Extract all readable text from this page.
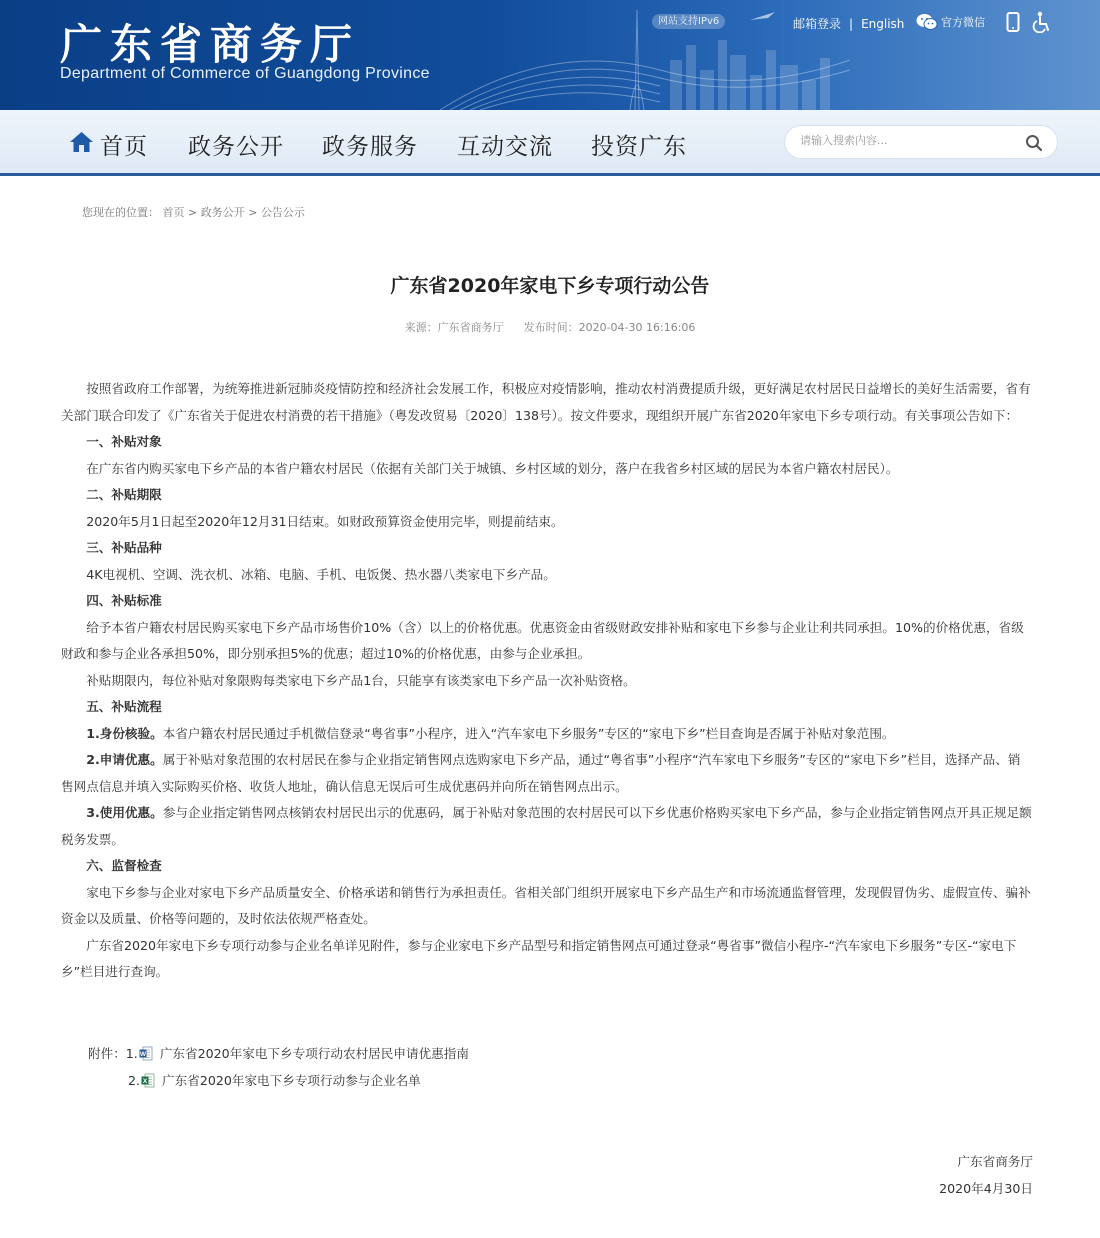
广东省商务厅
Department of Commerce of Guangdong Province
网站支持IPv6	邮箱登录 | English	官方微信
首页 政务公开 政务服务 互动交流 投资广东
请输入搜索内容...
您现在的位置： 首页 > 政务公开 > 公告公示
广东省2020年家电下乡专项行动公告
来源：广东省商务厅 发布时间：2020-04-30 16:16:06

按照省政府工作部署，为统筹推进新冠肺炎疫情防控和经济社会发展工作，积极应对疫情影响，推动农村消费提质升级，更好满足农村居民日益增长的美好生活需要，省有关部门联合印发了《广东省关于促进农村消费的若干措施》（粤发改贸易〔2020〕138号）。按文件要求，现组织开展广东省2020年家电下乡专项行动。有关事项公告如下：

一、补贴对象

在广东省内购买家电下乡产品的本省户籍农村居民（依据有关部门关于城镇、乡村区域的划分，落户在我省乡村区域的居民为本省户籍农村居民）。

二、补贴期限

2020年5月1日起至2020年12月31日结束。如财政预算资金使用完毕，则提前结束。

三、补贴品种

4K电视机、空调、洗衣机、冰箱、电脑、手机、电饭煲、热水器八类家电下乡产品。

四、补贴标准

给予本省户籍农村居民购买家电下乡产品市场售价10%（含）以上的价格优惠。优惠资金由省级财政安排补贴和家电下乡参与企业让利共同承担。10%的价格优惠，省级财政和参与企业各承担50%，即分别承担5%的优惠；超过10%的价格优惠，由参与企业承担。

补贴期限内，每位补贴对象限购每类家电下乡产品1台，只能享有该类家电下乡产品一次补贴资格。

五、补贴流程

1.身份核验。本省户籍农村居民通过手机微信登录“粤省事”小程序，进入“汽车家电下乡服务”专区的“家电下乡”栏目查询是否属于补贴对象范围。

2.申请优惠。属于补贴对象范围的农村居民在参与企业指定销售网点选购家电下乡产品，通过“粤省事”小程序“汽车家电下乡服务”专区的“家电下乡”栏目，选择产品、销售网点信息并填入实际购买价格、收货人地址，确认信息无误后可生成优惠码并向所在销售网点出示。

3.使用优惠。参与企业指定销售网点核销农村居民出示的优惠码，属于补贴对象范围的农村居民可以下乡优惠价格购买家电下乡产品，参与企业指定销售网点开具正规足额税务发票。

六、监督检查

家电下乡参与企业对家电下乡产品质量安全、价格承诺和销售行为承担责任。省相关部门组织开展家电下乡产品生产和市场流通监督管理，发现假冒伪劣、虚假宣传、骗补资金以及质量、价格等问题的，及时依法依规严格查处。

广东省2020年家电下乡专项行动参与企业名单详见附件，参与企业家电下乡产品型号和指定销售网点可通过登录“粤省事”微信小程序-“汽车家电下乡服务”专区-“家电下乡”栏目进行查询。

附件： 1. W 广东省2020年家电下乡专项行动农村居民申请优惠指南
2. X 广东省2020年家电下乡专项行动参与企业名单
广东省商务厅
2020年4月30日
